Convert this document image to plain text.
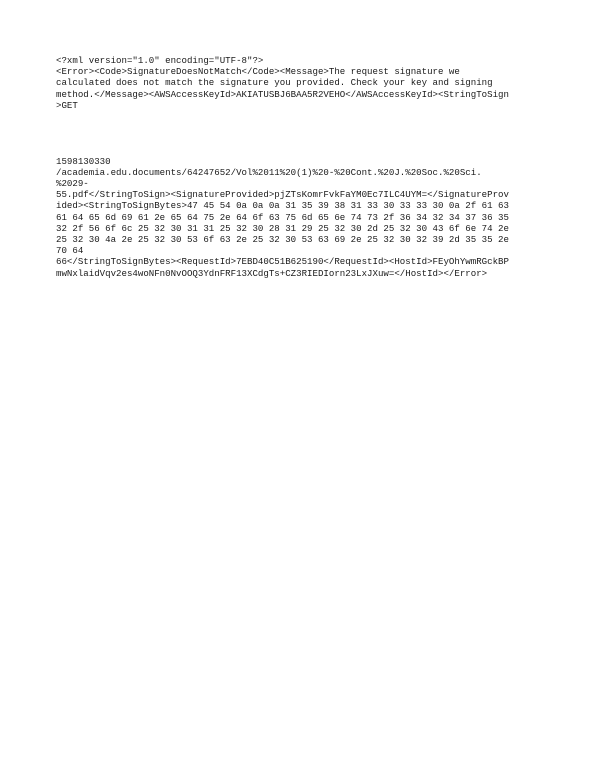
<?xml version="1.0" encoding="UTF-8"?>
<Error><Code>SignatureDoesNotMatch</Code><Message>The request signature we
calculated does not match the signature you provided. Check your key and signing
method.</Message><AWSAccessKeyId>AKIATUSBJ6BAA5R2VEHO</AWSAccessKeyId><StringToSign
>GET
1598130330
/academia.edu.documents/64247652/Vol%2011%20(1)%20-%20Cont.%20J.%20Soc.%20Sci.
%2029-
55.pdf</StringToSign><SignatureProvided>pjZTsKomrFvkFaYM0Ec7ILC4UYM=</SignatureProv
ided><StringToSignBytes>47 45 54 0a 0a 0a 31 35 39 38 31 33 30 33 33 30 0a 2f 61 63
61 64 65 6d 69 61 2e 65 64 75 2e 64 6f 63 75 6d 65 6e 74 73 2f 36 34 32 34 37 36 35
32 2f 56 6f 6c 25 32 30 31 31 25 32 30 28 31 29 25 32 30 2d 25 32 30 43 6f 6e 74 2e
25 32 30 4a 2e 25 32 30 53 6f 63 2e 25 32 30 53 63 69 2e 25 32 30 32 39 2d 35 35 2e
70 64
66</StringToSignBytes><RequestId>7EBD40C51B625190</RequestId><HostId>FEyOhYwmRGckBP
mwNxlaidVqv2es4woNFn0NvOOQ3YdnFRF13XCdgTs+CZ3RIEDIorn23LxJXuw=</HostId></Error>
